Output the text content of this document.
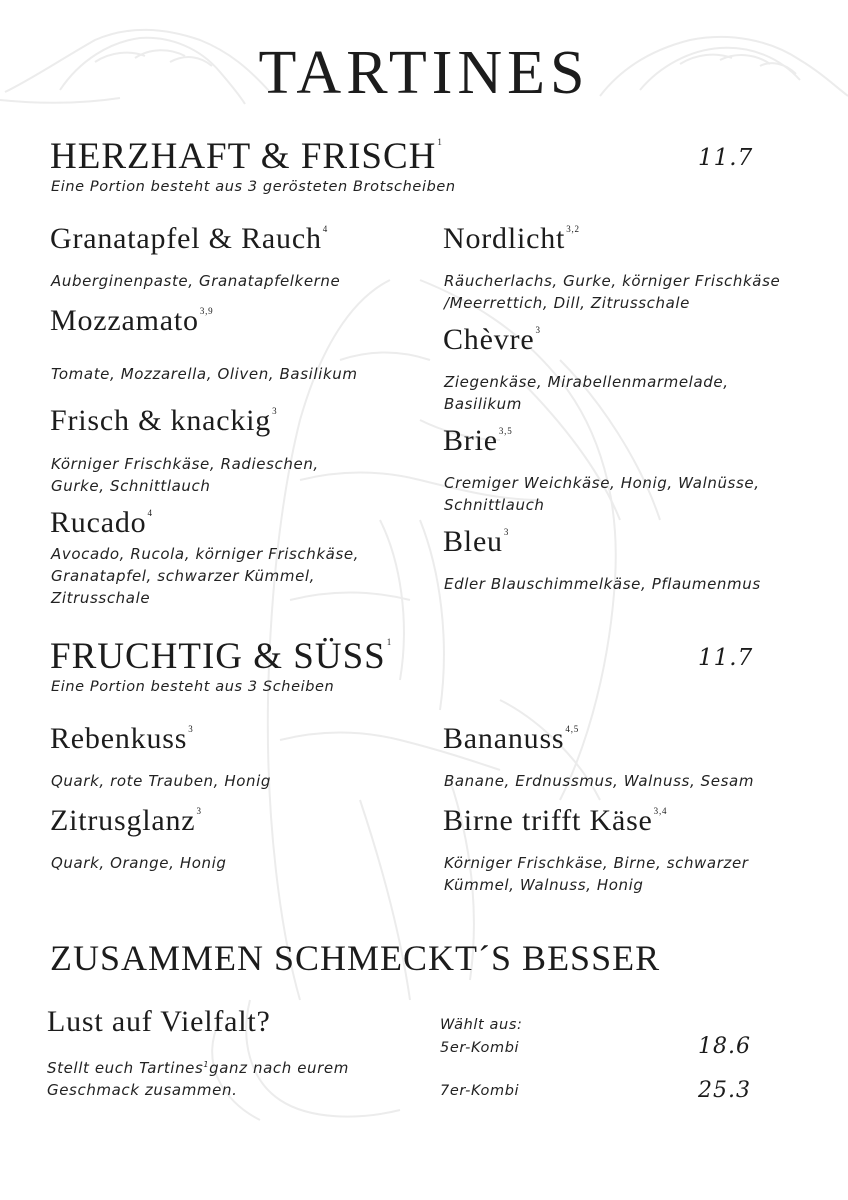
TARTINES
HERZHAFT & FRISCH$^1$
11.7
Eine Portion besteht aus 3 gerösteten Brotscheiben
Granatapfel & Rauch$^4$
Auberginenpaste, Granatapfelkerne
Mozzamato$^{3,9}$
Tomate, Mozzarella, Oliven, Basilikum
Frisch & knackig$^3$
Körniger Frischkäse, Radieschen, Gurke, Schnittlauch
Rucado$^4$
Avocado, Rucola, körniger Frischkäse, Granatapfel, schwarzer Kümmel, Zitrusschale
Nordlicht$^{3,2}$
Räucherlachs, Gurke, körniger Frischkäse /Meerrettich, Dill, Zitrusschale
Chèvre$^3$
Ziegenkäse, Mirabellenmarmelade, Basilikum
Brie$^{3,5}$
Cremiger Weichkäse, Honig, Walnüsse, Schnittlauch
Bleu$^3$
Edler Blauschimmelkäse, Pflaumenmus
FRUCHTIG & SÜSS$^1$
11.7
Eine Portion besteht aus 3 Scheiben
Rebenkuss$^3$
Quark, rote Trauben, Honig
Zitrusglanz$^3$
Quark, Orange, Honig
Bananuss$^{4,5}$
Banane, Erdnussmus, Walnuss, Sesam
Birne trifft Käse$^{3,4}$
Körniger Frischkäse, Birne, schwarzer Kümmel, Walnuss, Honig
ZUSAMMEN SCHMECKT´S BESSER
Lust auf Vielfalt?
Stellt euch Tartines$^1$ganz nach eurem
Geschmack zusammen.
Wählt aus:
5er-Kombi	18.6
7er-Kombi	25.3
